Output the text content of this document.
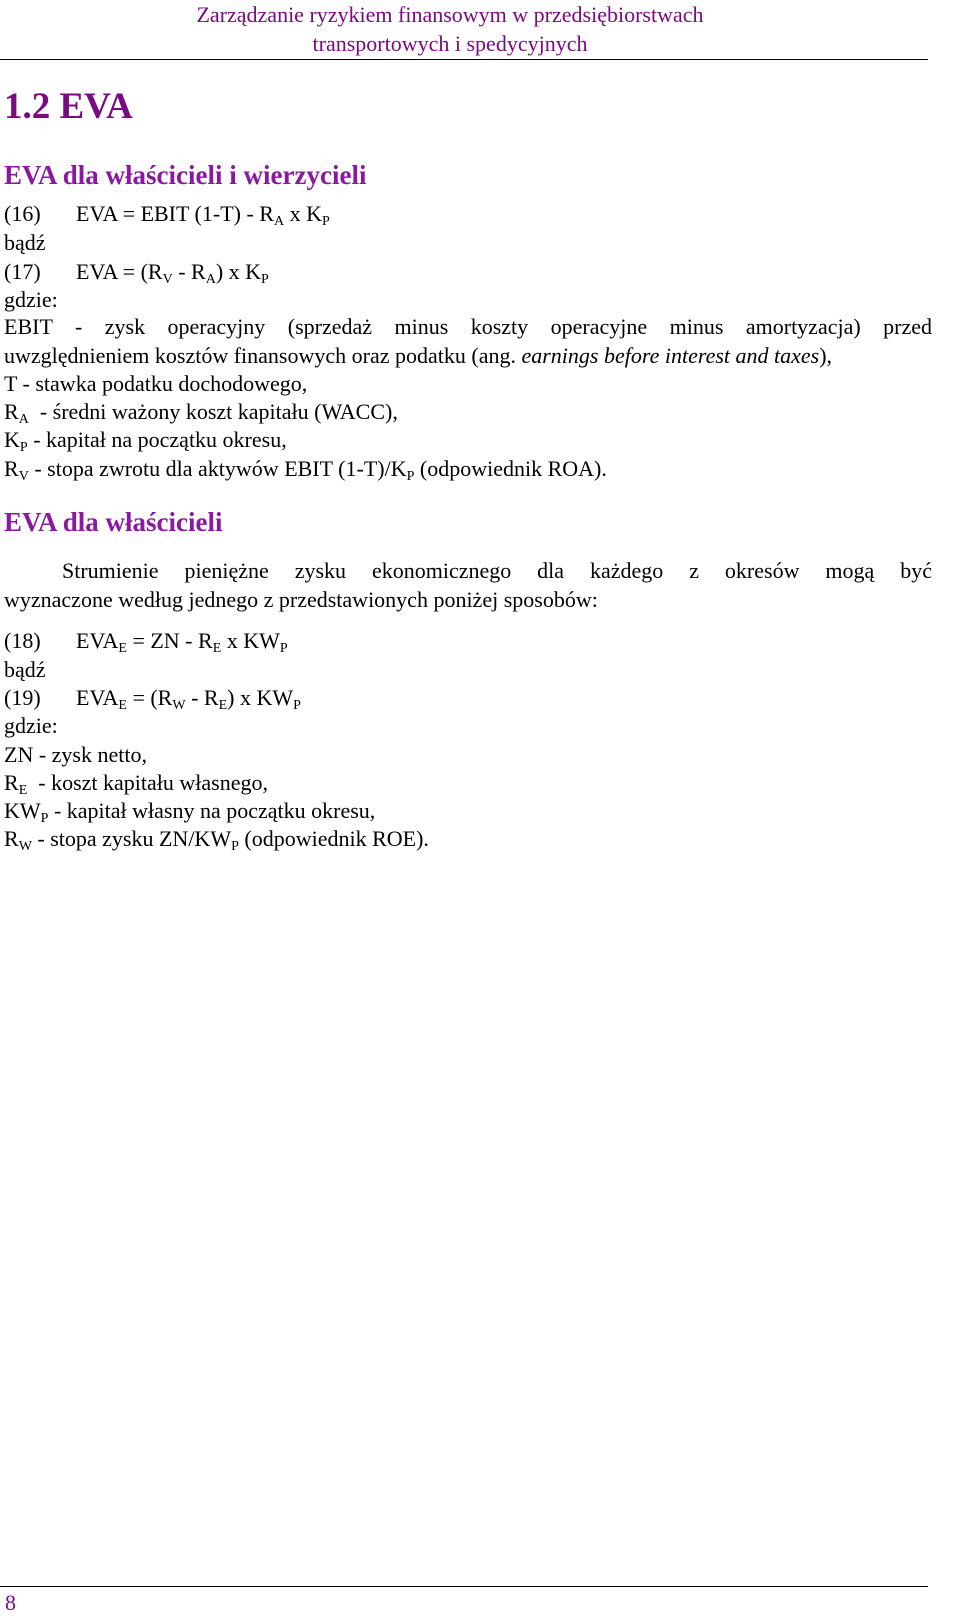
Zarządzanie ryzykiem finansowym w przedsiębiorstwach
transportowych i spedycyjnych
1.2 EVA
EVA dla właścicieli i wierzycieli
(16) EVA = EBIT $(1-T) - R_A$ x $K_P$
bądź
(17) EVA = $(R_V - R_A)$ x $K_P$
gdzie:
EBIT - zysk operacyjny (sprzedaż minus koszty operacyjne minus amortyzacja) przed
uwzględnieniem kosztów finansowych oraz podatku (ang. earnings before interest and taxes),
T - stawka podatku dochodowego,
$R_A$  - średni ważony koszt kapitału (WACC),
$K_P$ - kapitał na początku okresu,
$R_V$ - stopa zwrotu dla aktywów EBIT $(1-T)/K_P$ (odpowiednik ROA).
EVA dla właścicieli
Strumienie pieniężne zysku ekonomicznego dla każdego z okresów mogą być
wyznaczone według jednego z przedstawionych poniżej sposobów:
(18) $EVA_E$ = ZN - $R_E$ x $KW_P$
bądź
(19) $EVA_E = (R_W - R_E)$ x $KW_P$
gdzie:
ZN - zysk netto,
$R_E$  - koszt kapitału własnego,
$KW_P$ - kapitał własny na początku okresu,
$R_W$ - stopa zysku $ZN/KW_P$ (odpowiednik ROE).
8
